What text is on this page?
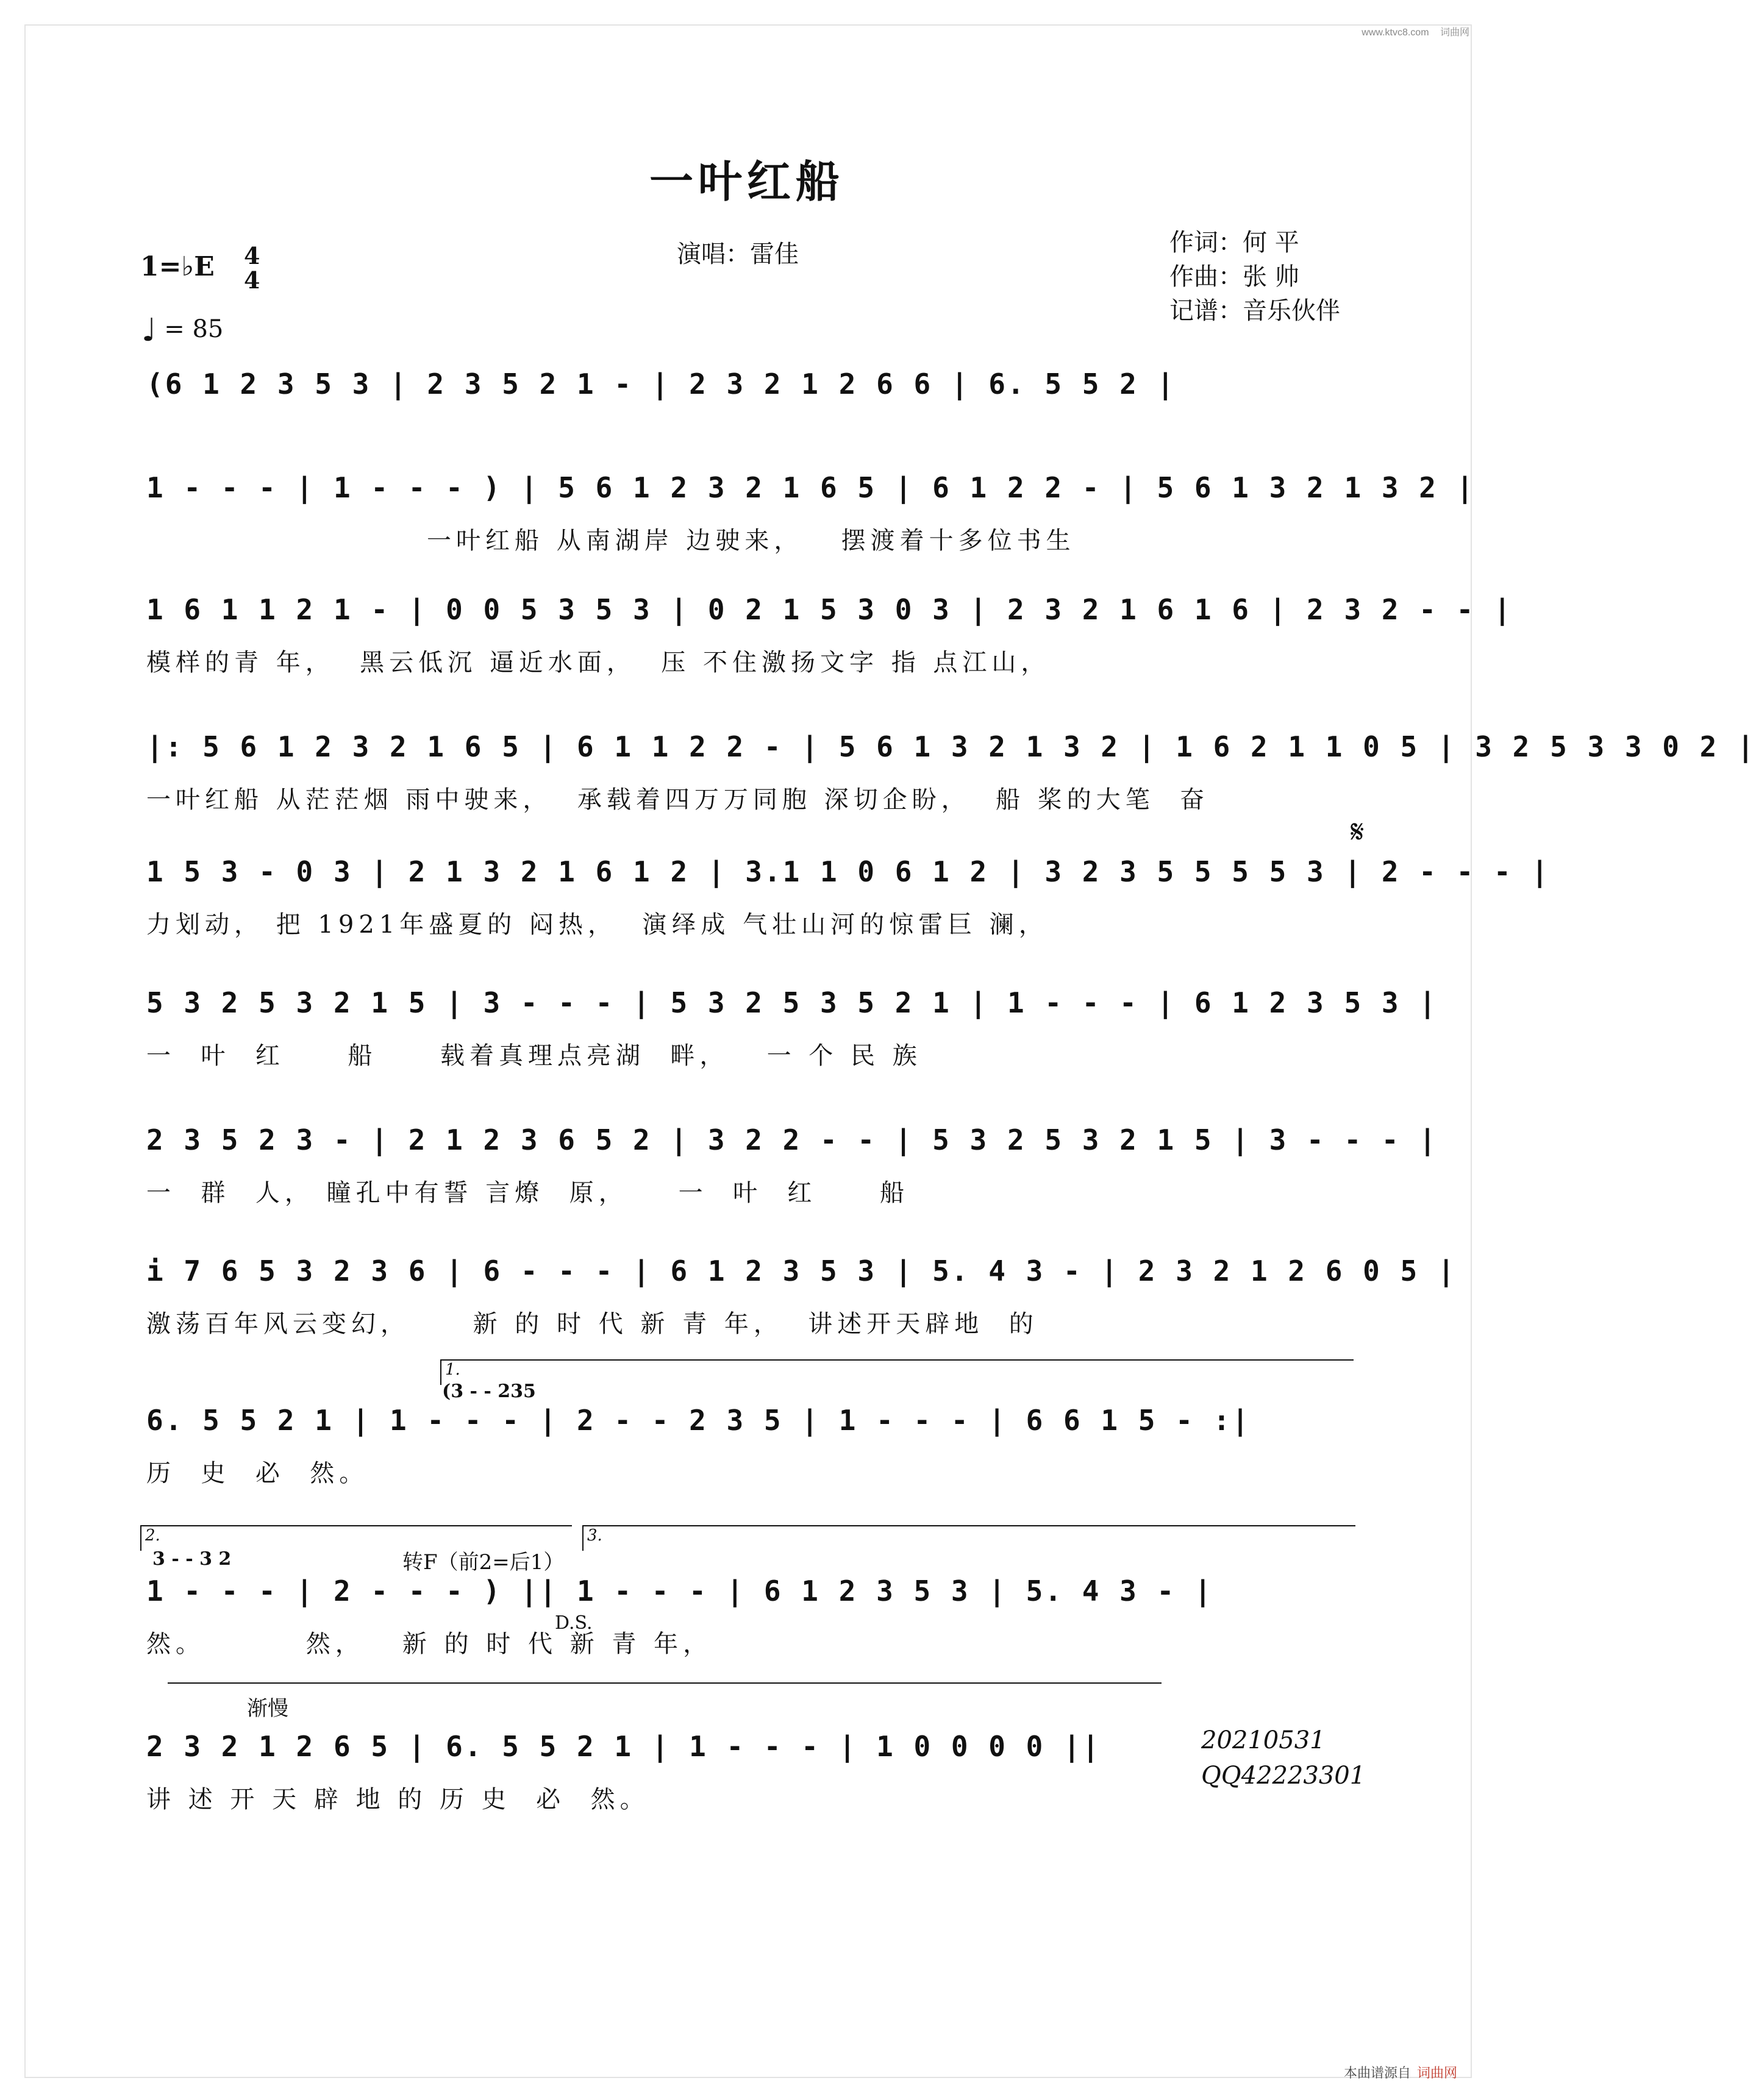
www.ktvc8.com 词曲网
一叶红船
演唱：雷佳	作词：何 平
作曲：张 帅
记谱：音乐伙伴
1=♭E 4
4
♩ = 85
𝄋
(6 1 2 3 5 3 | 2 3 5 2 1 - | 2 3 2 1 2 6 6 | 6. 5 5 2 |
1 - - - | 1 - - - ) | 5 6 1 2 3 2 1 6 5 | 6 1 2 2 - | 5 6 1 3 2 1 3 2 |
一叶红船 从南湖岸 边驶来，   摆渡着十多位书生
1 6 1 1 2 1 - | 0 0 5 3 5 3 | 0 2 1 5 3 0 3 | 2 3 2 1 6 1 6 | 2 3 2 - - |
模样的青 年，  黑云低沉 逼近水面，  压 不住激扬文字 指 点江山，
|: 5 6 1 2 3 2 1 6 5 | 6 1 1 2 2 - | 5 6 1 3 2 1 3 2 | 1 6 2 1 1 0 5 | 3 2 5 3 3 0 2 |
一叶红船 从茫茫烟 雨中驶来，  承载着四万万同胞 深切企盼，  船 桨的大笔  奋
1 5 3 - 0 3 | 2 1 3 2 1 6 1 2 | 3.1 1 0 6 1 2 | 3 2 3 5 5 5 5 3 | 2 - - - |
力划动， 把 1921年盛夏的 闷热，  演绎成 气壮山河的惊雷巨 澜，
5 3 2 5 3 2 1 5 | 3 - - - | 5 3 2 5 3 5 2 1 | 1 - - - | 6 1 2 3 5 3 |
一  叶  红     船     载着真理点亮湖  畔，   一 个 民 族
2 3 5 2 3 - | 2 1 2 3 6 5 2 | 3 2 2 - - | 5 3 2 5 3 2 1 5 | 3 - - - |
一  群  人， 瞳孔中有誓 言燎  原，    一  叶  红     船
i 7 6 5 3 2 3 6 | 6 - - - | 6 1 2 3 5 3 | 5. 4 3 - | 2 3 2 1 2 6 0 5 |
激荡百年风云变幻，     新 的 时 代 新 青 年，  讲述开天辟地  的
1.
(3 - - 235
6. 5 5 2 1 | 1 - - - | 2 - - 2 3 5 | 1 - - - | 6 6 1 5 - :|
历  史  必  然。
2.	3.
3 - - 3 2	转F（前2=后1）
1 - - - | 2 - - - ) || 1 - - - | 6 1 2 3 5 3 | 5. 4 3 - |
然。        然，   新 的 时 代 新 青 年，
D.S.
渐慢
2 3 2 1 2 6 5 | 6. 5 5 2 1 | 1 - - - | 1 0 0 0 0 ||
讲 述 开 天 辟 地 的 历 史  必  然。
20210531
QQ42223301
本曲谱源自 词曲网
